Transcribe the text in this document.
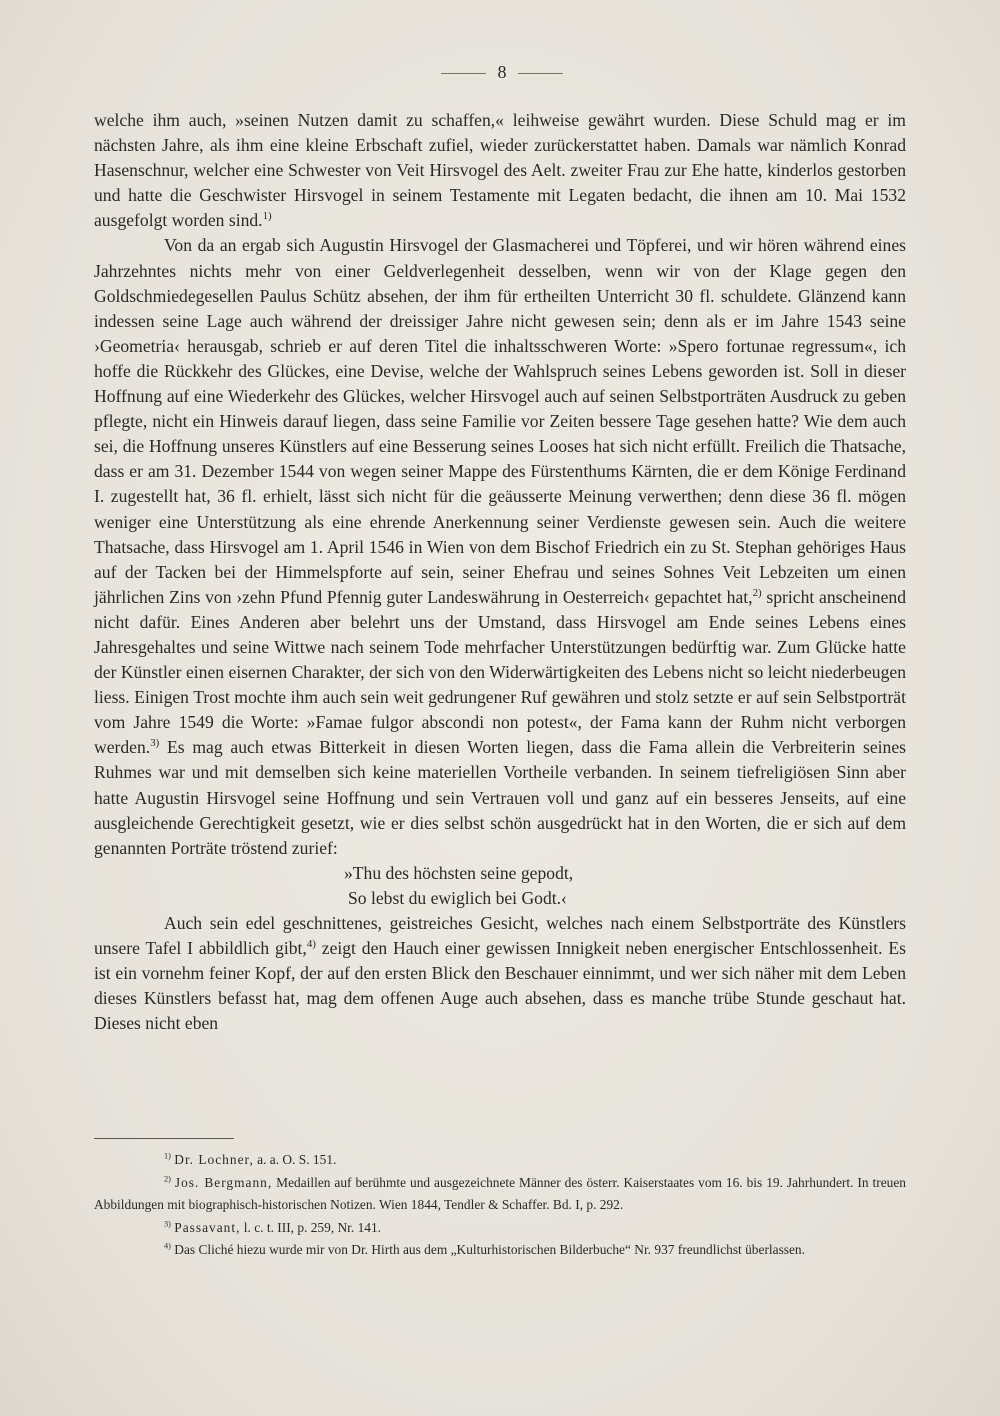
8

welche ihm auch, »seinen Nutzen damit zu schaffen,« leihweise gewährt wurden. Diese Schuld mag er im nächsten Jahre, als ihm eine kleine Erbschaft zufiel, wieder zurückerstattet haben. Damals war nämlich Konrad Hasenschnur, welcher eine Schwester von Veit Hirsvogel des Aelt. zweiter Frau zur Ehe hatte, kinderlos gestorben und hatte die Geschwister Hirsvogel in seinem Testamente mit Legaten bedacht, die ihnen am 10. Mai 1532 ausgefolgt worden sind.$^{1)}$

Von da an ergab sich Augustin Hirsvogel der Glasmacherei und Töpferei, und wir hören während eines Jahrzehntes nichts mehr von einer Geldverlegenheit desselben, wenn wir von der Klage gegen den Goldschmiedegesellen Paulus Schütz absehen, der ihm für ertheilten Unterricht 30 fl. schuldete. Glänzend kann indessen seine Lage auch während der dreissiger Jahre nicht gewesen sein; denn als er im Jahre 1543 seine ›Geometria‹ herausgab, schrieb er auf deren Titel die inhaltsschweren Worte: »Spero fortunae regressum«, ich hoffe die Rückkehr des Glückes, eine Devise, welche der Wahlspruch seines Lebens geworden ist. Soll in dieser Hoffnung auf eine Wiederkehr des Glückes, welcher Hirsvogel auch auf seinen Selbstporträten Ausdruck zu geben pflegte, nicht ein Hinweis darauf liegen, dass seine Familie vor Zeiten bessere Tage gesehen hatte? Wie dem auch sei, die Hoffnung unseres Künstlers auf eine Besserung seines Looses hat sich nicht erfüllt. Freilich die Thatsache, dass er am 31. Dezember 1544 von wegen seiner Mappe des Fürstenthums Kärnten, die er dem Könige Ferdinand I. zugestellt hat, 36 fl. erhielt, lässt sich nicht für die geäusserte Meinung verwerthen; denn diese 36 fl. mögen weniger eine Unterstützung als eine ehrende Anerkennung seiner Verdienste gewesen sein. Auch die weitere Thatsache, dass Hirsvogel am 1. April 1546 in Wien von dem Bischof Friedrich ein zu St. Stephan gehöriges Haus auf der Tacken bei der Himmelspforte auf sein, seiner Ehefrau und seines Sohnes Veit Lebzeiten um einen jährlichen Zins von ›zehn Pfund Pfennig guter Landeswährung in Oesterreich‹ gepachtet hat,$^{2)}$ spricht anscheinend nicht dafür. Eines Anderen aber belehrt uns der Umstand, dass Hirsvogel am Ende seines Lebens eines Jahresgehaltes und seine Wittwe nach seinem Tode mehrfacher Unterstützungen bedürftig war. Zum Glücke hatte der Künstler einen eisernen Charakter, der sich von den Widerwärtigkeiten des Lebens nicht so leicht niederbeugen liess. Einigen Trost mochte ihm auch sein weit gedrungener Ruf gewähren und stolz setzte er auf sein Selbstporträt vom Jahre 1549 die Worte: »Famae fulgor abscondi non potest«, der Fama kann der Ruhm nicht verborgen werden.$^{3)}$ Es mag auch etwas Bitterkeit in diesen Worten liegen, dass die Fama allein die Verbreiterin seines Ruhmes war und mit demselben sich keine materiellen Vortheile verbanden. In seinem tiefreligiösen Sinn aber hatte Augustin Hirsvogel seine Hoffnung und sein Vertrauen voll und ganz auf ein besseres Jenseits, auf eine ausgleichende Gerechtigkeit gesetzt, wie er dies selbst schön ausgedrückt hat in den Worten, die er sich auf dem genannten Porträte tröstend zurief:

»Thu des höchsten seine gepodt,
So lebst du ewiglich bei Godt.‹

Auch sein edel geschnittenes, geistreiches Gesicht, welches nach einem Selbstporträte des Künstlers unsere Tafel I abbildlich gibt,$^{4)}$ zeigt den Hauch einer gewissen Innigkeit neben energischer Entschlossenheit. Es ist ein vornehm feiner Kopf, der auf den ersten Blick den Beschauer einnimmt, und wer sich näher mit dem Leben dieses Künstlers befasst hat, mag dem offenen Auge auch absehen, dass es manche trübe Stunde geschaut hat. Dieses nicht eben

$^{1)}$ Dr. Lochner, a. a. O. S. 151.

$^{2)}$ Jos. Bergmann, Medaillen auf berühmte und ausgezeichnete Männer des österr. Kaiserstaates vom 16. bis 19. Jahrhundert. In treuen Abbildungen mit biographisch-historischen Notizen. Wien 1844, Tendler & Schaffer. Bd. I, p. 292.

$^{3)}$ Passavant, l. c. t. III, p. 259, Nr. 141.

$^{4)}$ Das Cliché hiezu wurde mir von Dr. Hirth aus dem „Kulturhistorischen Bilderbuche“ Nr. 937 freundlichst überlassen.
